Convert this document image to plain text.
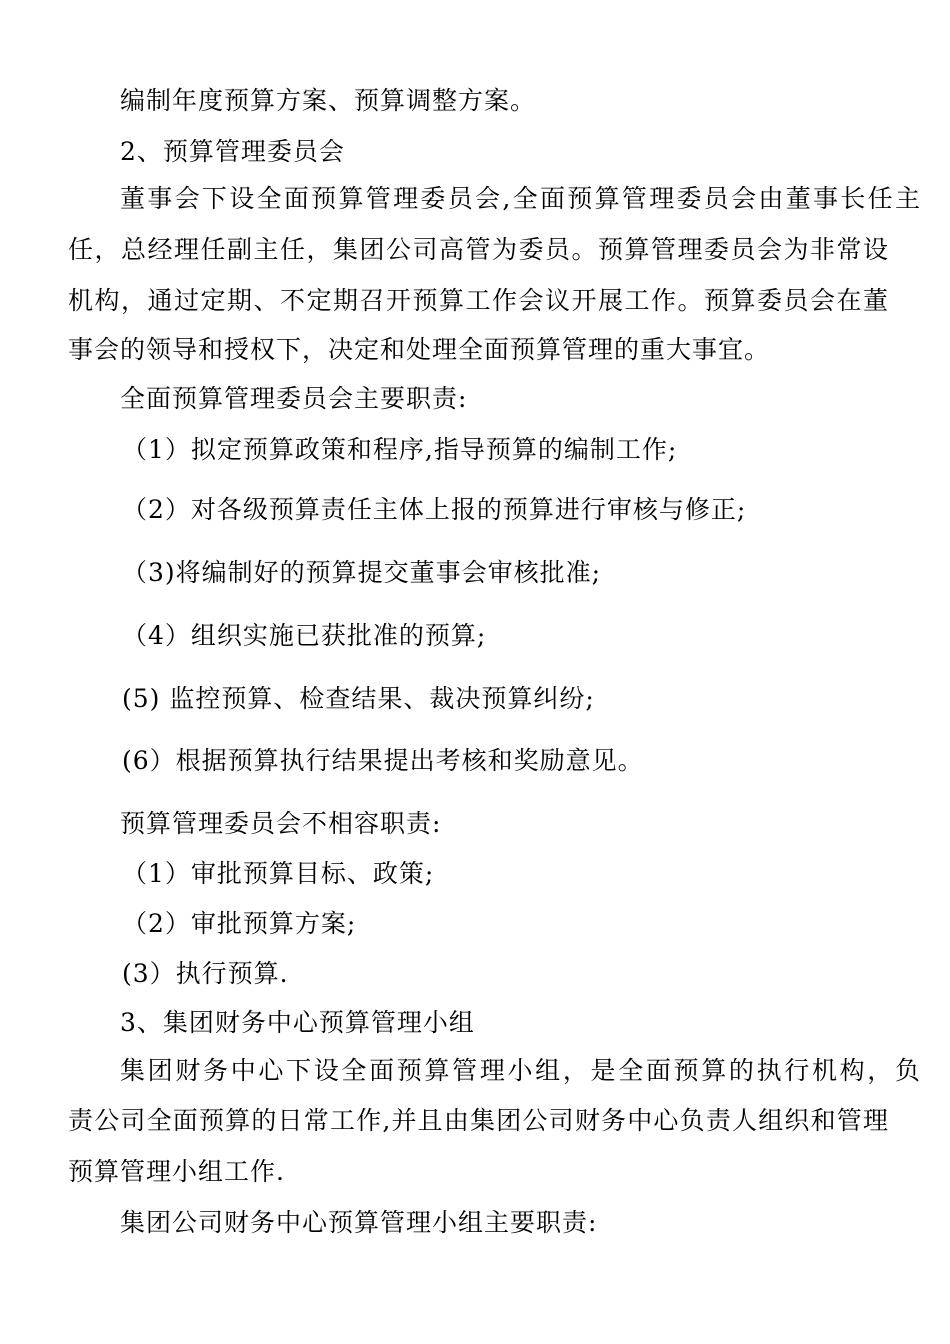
编制年度预算方案、预算调整方案。
2、预算管理委员会
董事会下设全面预算管理委员会,全面预算管理委员会由董事长任主
任，总经理任副主任，集团公司高管为委员。预算管理委员会为非常设
机构，通过定期、不定期召开预算工作会议开展工作。预算委员会在董
事会的领导和授权下，决定和处理全面预算管理的重大事宜。
全面预算管理委员会主要职责:
（1）拟定预算政策和程序,指导预算的编制工作;
（2）对各级预算责任主体上报的预算进行审核与修正;
（3)将编制好的预算提交董事会审核批准;
（4）组织实施已获批准的预算;
(5) 监控预算、检查结果、裁决预算纠纷;
(6）根据预算执行结果提出考核和奖励意见。
预算管理委员会不相容职责:
（1）审批预算目标、政策;
（2）审批预算方案;
(3）执行预算.
3、集团财务中心预算管理小组
集团财务中心下设全面预算管理小组，是全面预算的执行机构，负
责公司全面预算的日常工作,并且由集团公司财务中心负责人组织和管理
预算管理小组工作.
集团公司财务中心预算管理小组主要职责:
